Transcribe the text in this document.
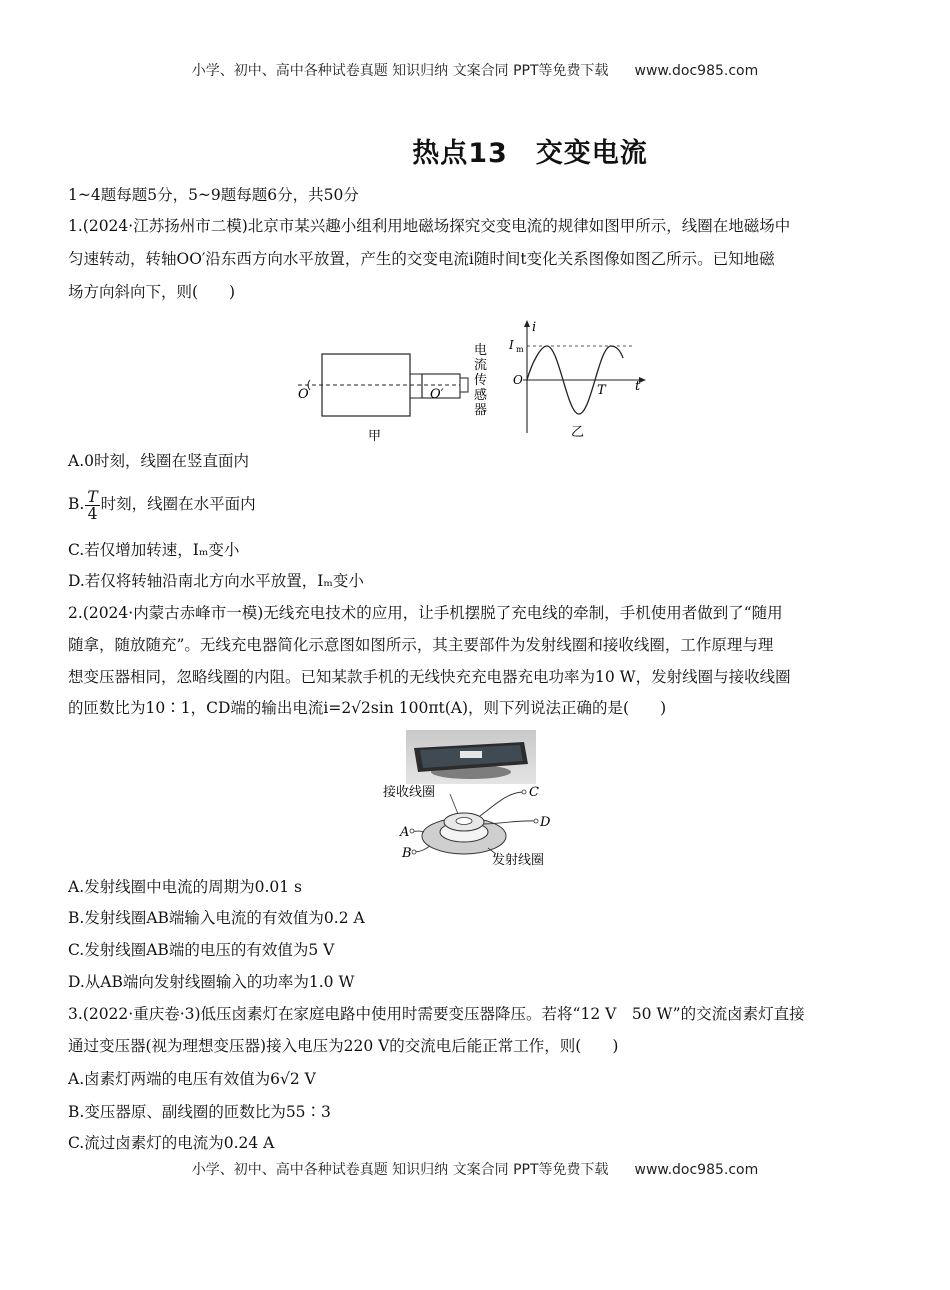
小学、初中、高中各种试卷真题 知识归纳 文案合同 PPT等免费下载 www.doc985.com
热点13　交变电流
1~4题每题5分，5~9题每题6分，共50分
1.(2024·江苏扬州市二模)北京市某兴趣小组利用地磁场探究交变电流的规律如图甲所示，线圈在地磁场中
匀速转动，转轴OO′沿东西方向水平放置，产生的交变电流i随时间t变化关系图像如图乙所示。已知地磁
场方向斜向下，则(　　)
O	O′
甲
电
流
传
感
器
i
I m
O
T t
乙
A.0时刻，线圈在竖直面内
B. $\frac{T}{4}$ 时刻，线圈在水平面内
C.若仅增加转速，Iₘ变小
D.若仅将转轴沿南北方向水平放置，Iₘ变小
2.(2024·内蒙古赤峰市一模)无线充电技术的应用，让手机摆脱了充电线的牵制，手机使用者做到了“随用
随拿，随放随充”。无线充电器简化示意图如图所示，其主要部件为发射线圈和接收线圈，工作原理与理
想变压器相同，忽略线圈的内阻。已知某款手机的无线快充充电器充电功率为10 W，发射线圈与接收线圈
的匝数比为10∶1，CD端的输出电流i=2√2sin 100πt(A)，则下列说法正确的是(　　)
接收线圈
发射线圈
C
D
A
B
A.发射线圈中电流的周期为0.01 s
B.发射线圈AB端输入电流的有效值为0.2 A
C.发射线圈AB端的电压的有效值为5 V
D.从AB端向发射线圈输入的功率为1.0 W
3.(2022·重庆卷·3)低压卤素灯在家庭电路中使用时需要变压器降压。若将“12 V　50 W”的交流卤素灯直接
通过变压器(视为理想变压器)接入电压为220 V的交流电后能正常工作，则(　　)
A.卤素灯两端的电压有效值为6√2 V
B.变压器原、副线圈的匝数比为55∶3
C.流过卤素灯的电流为0.24 A
小学、初中、高中各种试卷真题 知识归纳 文案合同 PPT等免费下载 www.doc985.com
